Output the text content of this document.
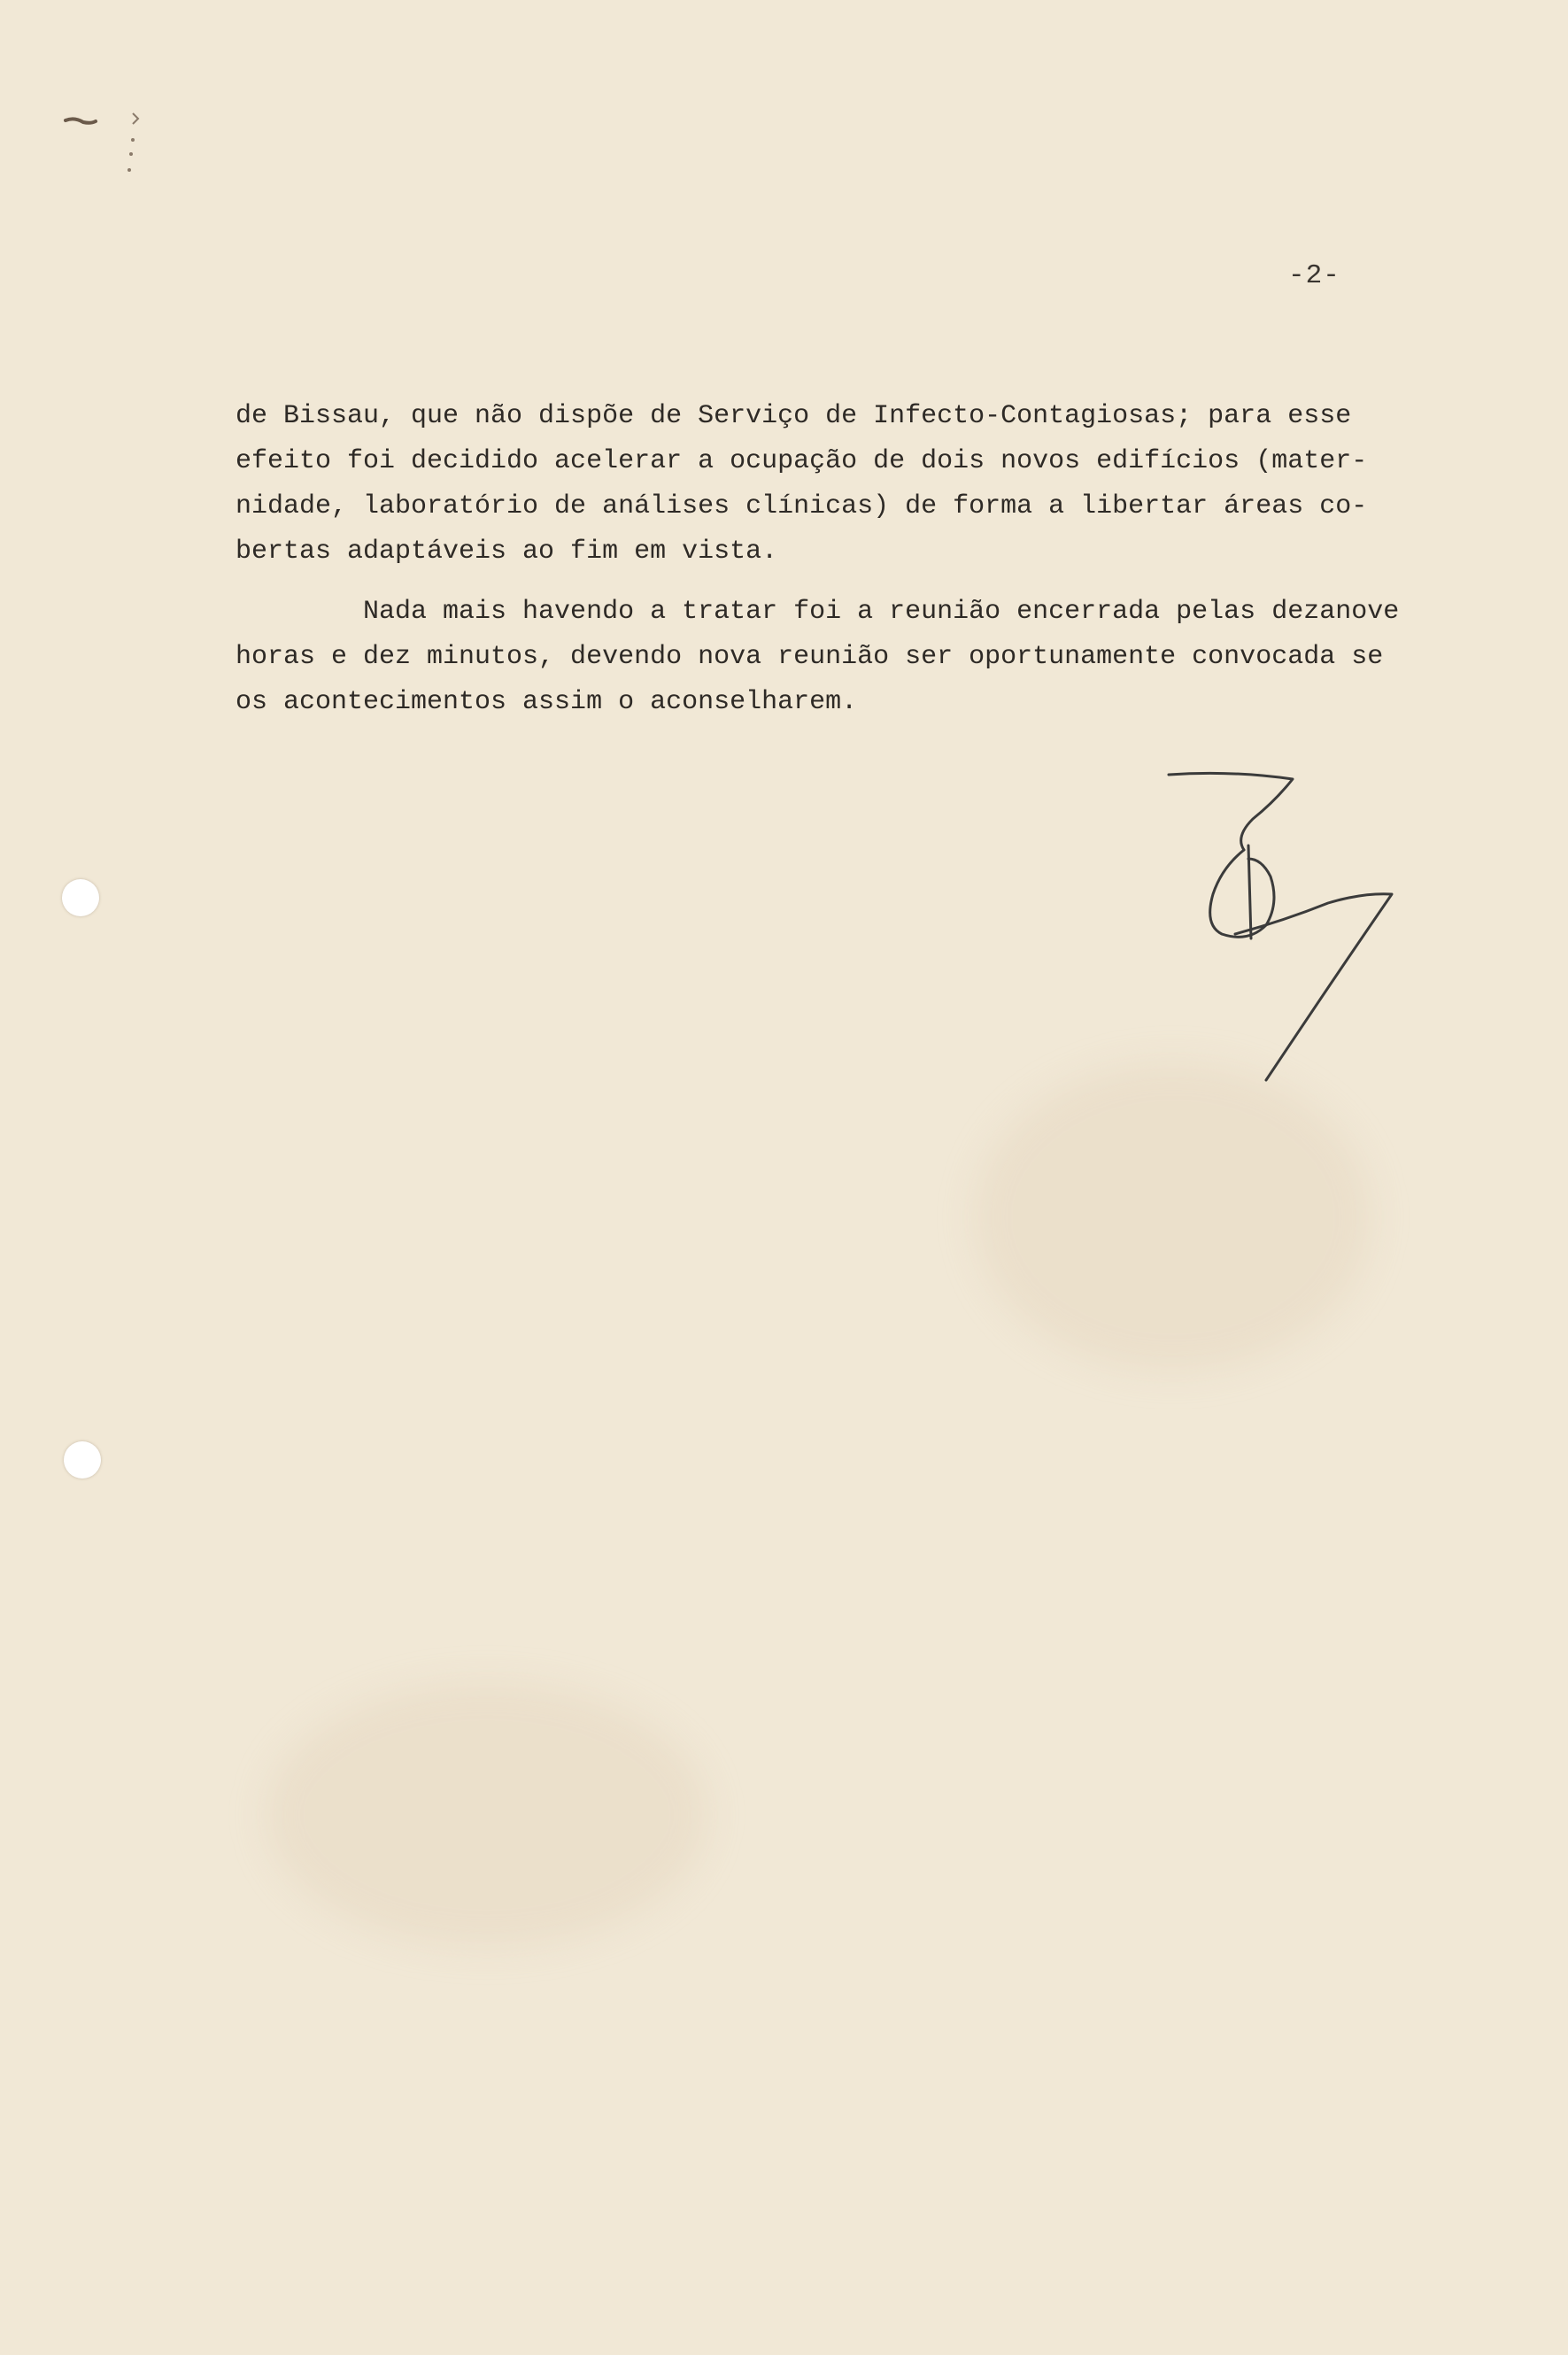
-2-
de Bissau, que não dispõe de Serviço de Infecto-Contagiosas; para esse
efeito foi decidido acelerar a ocupação de dois novos edifícios (mater-
nidade, laboratório de análises clínicas) de forma a libertar áreas co-
bertas adaptáveis ao fim em vista.
Nada mais havendo a tratar foi a reunião encerrada pelas dezanove
horas e dez minutos, devendo nova reunião ser oportunamente convocada se
os acontecimentos assim o aconselharem.
